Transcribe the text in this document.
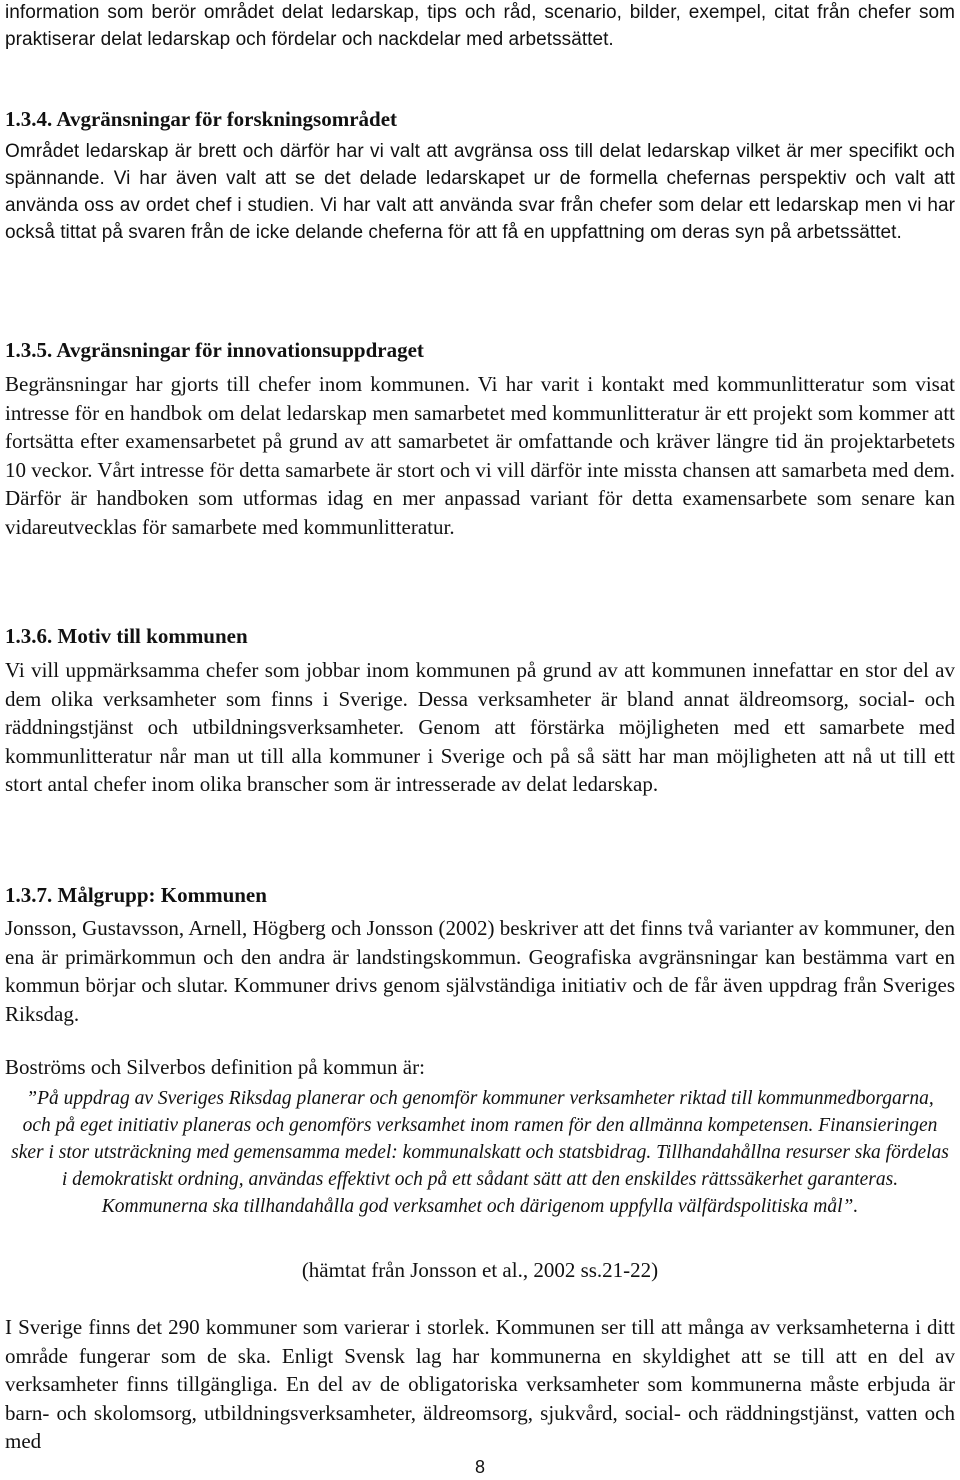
information som berör området delat ledarskap, tips och råd, scenario, bilder, exempel, citat från chefer som praktiserar delat ledarskap och fördelar och nackdelar med arbetssättet.

1.3.4. Avgränsningar för forskningsområdet

Området ledarskap är brett och därför har vi valt att avgränsa oss till delat ledarskap vilket är mer specifikt och spännande. Vi har även valt att se det delade ledarskapet ur de formella chefernas perspektiv och valt att använda oss av ordet chef i studien. Vi har valt att använda svar från chefer som delar ett ledarskap men vi har också tittat på svaren från de icke delande cheferna för att få en uppfattning om deras syn på arbetssättet.

1.3.5. Avgränsningar för innovationsuppdraget

Begränsningar har gjorts till chefer inom kommunen. Vi har varit i kontakt med kommunlitteratur som visat intresse för en handbok om delat ledarskap men samarbetet med kommunlitteratur är ett projekt som kommer att fortsätta efter examensarbetet på grund av att samarbetet är omfattande och kräver längre tid än projektarbetets 10 veckor. Vårt intresse för detta samarbete är stort och vi vill därför inte missta chansen att samarbeta med dem. Därför är handboken som utformas idag en mer anpassad variant för detta examensarbete som senare kan vidareutvecklas för samarbete med kommunlitteratur.

1.3.6. Motiv till kommunen

Vi vill uppmärksamma chefer som jobbar inom kommunen på grund av att kommunen innefattar en stor del av dem olika verksamheter som finns i Sverige. Dessa verksamheter är bland annat äldreomsorg, social- och räddningstjänst och utbildningsverksamheter. Genom att förstärka möjligheten med ett samarbete med kommunlitteratur når man ut till alla kommuner i Sverige och på så sätt har man möjligheten att nå ut till ett stort antal chefer inom olika branscher som är intresserade av delat ledarskap.

1.3.7. Målgrupp: Kommunen

Jonsson, Gustavsson, Arnell, Högberg och Jonsson (2002) beskriver att det finns två varianter av kommuner, den ena är primärkommun och den andra är landstingskommun. Geografiska avgränsningar kan bestämma vart en kommun börjar och slutar. Kommuner drivs genom självständiga initiativ och de får även uppdrag från Sveriges Riksdag.

Boströms och Silverbos definition på kommun är:

”På uppdrag av Sveriges Riksdag planerar och genomför kommuner verksamheter riktad till kommunmedborgarna, och på eget initiativ planeras och genomförs verksamhet inom ramen för den allmänna kompetensen. Finansieringen sker i stor utsträckning med gemensamma medel: kommunalskatt och statsbidrag. Tillhandahållna resurser ska fördelas i demokratiskt ordning, användas effektivt och på ett sådant sätt att den enskildes rättssäkerhet garanteras. Kommunerna ska tillhandahålla god verksamhet och därigenom uppfylla välfärdspolitiska mål”.

(hämtat från Jonsson et al., 2002 ss.21-22)

I Sverige finns det 290 kommuner som varierar i storlek. Kommunen ser till att många av verksamheterna i ditt område fungerar som de ska. Enligt Svensk lag har kommunerna en skyldighet att se till att en del av verksamheter finns tillgängliga. En del av de obligatoriska verksamheter som kommunerna måste erbjuda är barn- och skolomsorg, utbildningsverksamheter, äldreomsorg, sjukvård, social- och räddningstjänst, vatten och med

8
